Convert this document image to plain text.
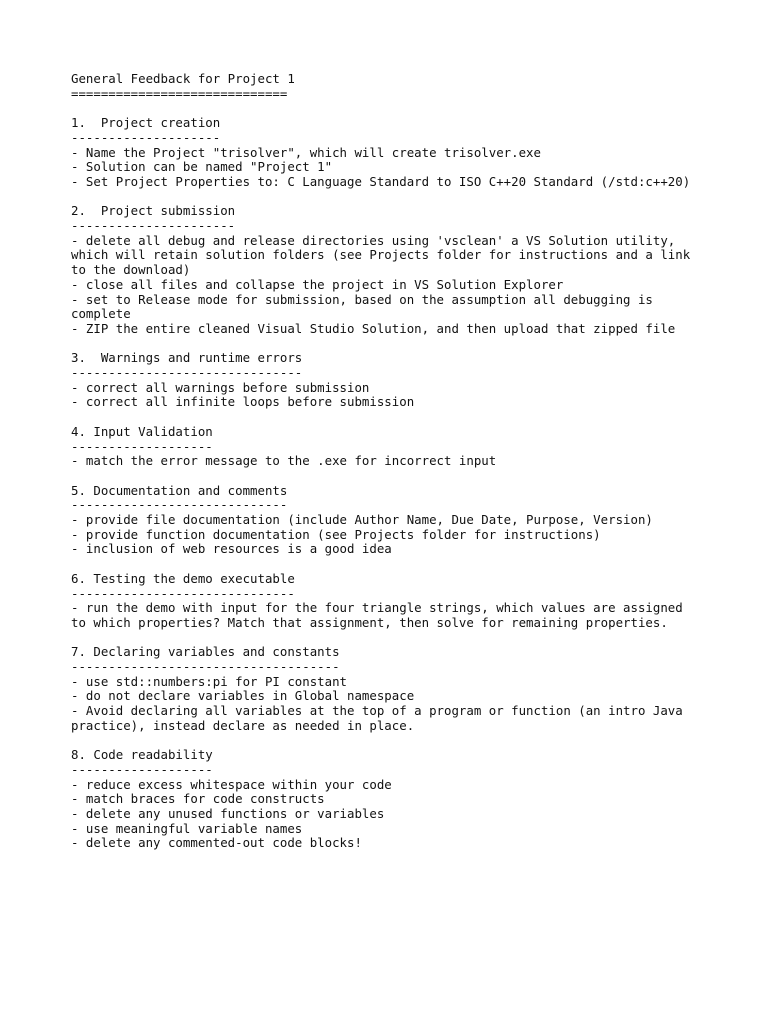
General Feedback for Project 1
=============================
1.  Project creation
--------------------
- Name the Project "trisolver", which will create trisolver.exe
- Solution can be named "Project 1"
- Set Project Properties to: C Language Standard to ISO C++20 Standard (/std:c++20)
2.  Project submission
----------------------
- delete all debug and release directories using 'vsclean' a VS Solution utility,
which will retain solution folders (see Projects folder for instructions and a link
to the download)
- close all files and collapse the project in VS Solution Explorer
- set to Release mode for submission, based on the assumption all debugging is
complete
- ZIP the entire cleaned Visual Studio Solution, and then upload that zipped file
3.  Warnings and runtime errors
-------------------------------
- correct all warnings before submission
- correct all infinite loops before submission
4. Input Validation
-------------------
- match the error message to the .exe for incorrect input
5. Documentation and comments
-----------------------------
- provide file documentation (include Author Name, Due Date, Purpose, Version)
- provide function documentation (see Projects folder for instructions)
- inclusion of web resources is a good idea
6. Testing the demo executable
------------------------------
- run the demo with input for the four triangle strings, which values are assigned
to which properties? Match that assignment, then solve for remaining properties.
7. Declaring variables and constants
------------------------------------
- use std::numbers:pi for PI constant
- do not declare variables in Global namespace
- Avoid declaring all variables at the top of a program or function (an intro Java
practice), instead declare as needed in place.
8. Code readability
-------------------
- reduce excess whitespace within your code
- match braces for code constructs
- delete any unused functions or variables
- use meaningful variable names
- delete any commented-out code blocks!
